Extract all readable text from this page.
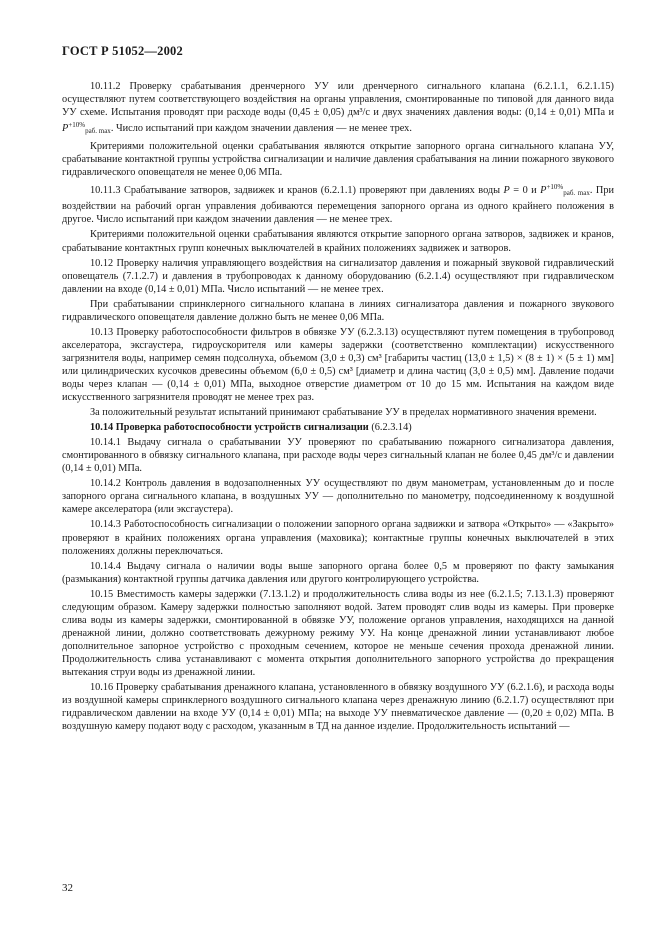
ГОСТ Р 51052—2002

10.11.2 Проверку срабатывания дренчерного УУ или дренчерного сигнального клапана (6.2.1.1, 6.2.1.15) осуществляют путем соответствующего воздействия на органы управления, смонтированные по типовой для данного вида УУ схеме. Испытания проводят при расходе воды (0,45 ± 0,05) дм³/с и двух значениях давления воды: (0,14 ± 0,01) МПа и $P^{+10\%}_{раб. max}$. Число испытаний при каждом значении давления — не менее трех.

Критериями положительной оценки срабатывания являются открытие запорного органа сигнального клапана УУ, срабатывание контактной группы устройства сигнализации и наличие давления срабатывания на линии пожарного звукового гидравлического оповещателя не менее 0,06 МПа.

10.11.3 Срабатывание затворов, задвижек и кранов (6.2.1.1) проверяют при давлениях воды P = 0 и $P^{+10\%}_{раб. max}$. При воздействии на рабочий орган управления добиваются перемещения запорного органа из одного крайнего положения в другое. Число испытаний при каждом значении давления — не менее трех.

Критериями положительной оценки срабатывания являются открытие запорного органа затворов, задвижек и кранов, срабатывание контактных групп конечных выключателей в крайних положениях задвижек и затворов.

10.12 Проверку наличия управляющего воздействия на сигнализатор давления и пожарный звуковой гидравлический оповещатель (7.1.2.7) и давления в трубопроводах к данному оборудованию (6.2.1.4) осуществляют при гидравлическом давлении на входе (0,14 ± 0,01) МПа. Число испытаний — не менее трех.

При срабатывании спринклерного сигнального клапана в линиях сигнализатора давления и пожарного звукового гидравлического оповещателя давление должно быть не менее 0,06 МПа.

10.13 Проверку работоспособности фильтров в обвязке УУ (6.2.3.13) осуществляют путем помещения в трубопровод акселератора, эксгаустера, гидроускорителя или камеры задержки (соответственно комплектации) искусственного загрязнителя воды, например семян подсолнуха, объемом (3,0 ± 0,3) см³ [габариты частиц (13,0 ± 1,5) × (8 ± 1) × (5 ± 1) мм] или цилиндрических кусочков древесины объемом (6,0 ± 0,5) см³ [диаметр и длина частиц (3,0 ± 0,5) мм]. Давление подачи воды через клапан — (0,14 ± 0,01) МПа, выходное отверстие диаметром от 10 до 15 мм. Испытания на каждом виде искусственного загрязнителя проводят не менее трех раз.

За положительный результат испытаний принимают срабатывание УУ в пределах нормативного значения времени.

10.14 Проверка работоспособности устройств сигнализации (6.2.3.14)

10.14.1 Выдачу сигнала о срабатывании УУ проверяют по срабатыванию пожарного сигнализатора давления, смонтированного в обвязку сигнального клапана, при расходе воды через сигнальный клапан не более 0,45 дм³/с и давлении (0,14 ± 0,01) МПа.

10.14.2 Контроль давления в водозаполненных УУ осуществляют по двум манометрам, установленным до и после запорного органа сигнального клапана, в воздушных УУ — дополнительно по манометру, подсоединенному к воздушной камере акселератора (или эксгаустера).

10.14.3 Работоспособность сигнализации о положении запорного органа задвижки и затвора «Открыто» — «Закрыто» проверяют в крайних положениях органа управления (маховика); контактные группы конечных выключателей в этих положениях должны переключаться.

10.14.4 Выдачу сигнала о наличии воды выше запорного органа более 0,5 м проверяют по факту замыкания (размыкания) контактной группы датчика давления или другого контролирующего устройства.

10.15 Вместимость камеры задержки (7.13.1.2) и продолжительность слива воды из нее (6.2.1.5; 7.13.1.3) проверяют следующим образом. Камеру задержки полностью заполняют водой. Затем проводят слив воды из камеры. При проверке слива воды из камеры задержки, смонтированной в обвязке УУ, положение органов управления, находящихся на данной дренажной линии, должно соответствовать дежурному режиму УУ. На конце дренажной линии устанавливают любое дополнительное запорное устройство с проходным сечением, которое не меньше сечения прохода дренажной линии. Продолжительность слива устанавливают с момента открытия дополнительного запорного устройства до прекращения вытекания струи воды из дренажной линии.

10.16 Проверку срабатывания дренажного клапана, установленного в обвязку воздушного УУ (6.2.1.6), и расхода воды из воздушной камеры спринклерного воздушного сигнального клапана через дренажную линию (6.2.1.7) осуществляют при гидравлическом давлении на входе УУ (0,14 ± 0,01) МПа; на выходе УУ пневматическое давление — (0,20 ± 0,02) МПа. В воздушную камеру подают воду с расходом, указанным в ТД на данное изделие. Продолжительность испытаний —

32
